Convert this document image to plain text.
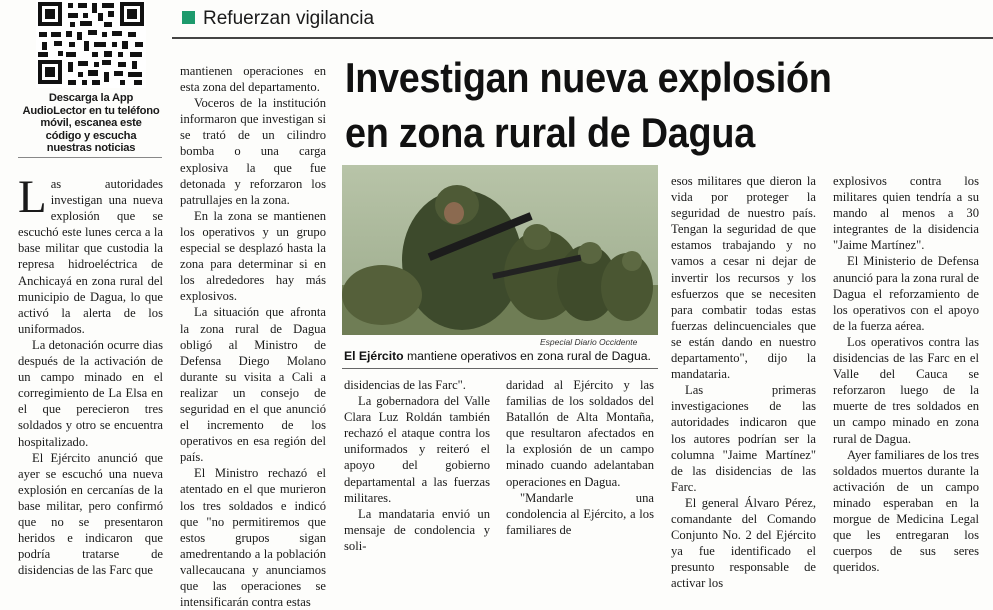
Descarga la App AudioLector en tu teléfono móvil, escanea este código y escucha nuestras noticias
Refuerzan vigilancia
Investigan nueva explosión
en zona rural de Dagua
Especial Diario Occidente
El Ejército mantiene operativos en zona rural de Dagua.

Las autoridades investigan una nueva explosión que se escuchó este lunes cerca a la base militar que custodia la represa hidroeléctrica de Anchicayá en zona rural del municipio de Dagua, lo que activó la alerta de los uniformados.

La detonación ocurre dias después de la activación de un campo minado en el corregimiento de La Elsa en el que perecieron tres soldados y otro se encuentra hospitalizado.

El Ejército anunció que ayer se escuchó una nueva explosión en cercanías de la base militar, pero confirmó que no se presentaron heridos e indicaron que podría tratarse de disidencias de las Farc que

mantienen operaciones en esta zona del departamento.

Voceros de la institución informaron que investigan si se trató de un cilindro bomba o una carga explosiva la que fue detonada y reforzaron los patrullajes en la zona.

En la zona se mantienen los operativos y un grupo especial se desplazó hasta la zona para determinar si en los alrededores hay más explosivos.

La situación que afronta la zona rural de Dagua obligó al Ministro de Defensa Diego Molano durante su visita a Cali a realizar un consejo de seguridad en el que anunció el incremento de los operativos en esa región del país.

El Ministro rechazó el atentado en el que murieron los tres soldados e indicó que "no permitiremos que estos grupos sigan amedrentando a la población vallecaucana y anunciamos que las operaciones se intensificarán contra estas

disidencias de las Farc".

La gobernadora del Valle Clara Luz Roldán también rechazó el ataque contra los uniformados y reiteró el apoyo del gobierno departamental a las fuerzas militares.

La mandataria envió un mensaje de condolencia y soli-

daridad al Ejército y las familias de los soldados del Batallón de Alta Montaña, que resultaron afectados en la explosión de un campo minado cuando adelantaban operaciones en Dagua.

"Mandarle una condolencia al Ejército, a los familiares de

esos militares que dieron la vida por proteger la seguridad de nuestro país. Tengan la seguridad de que estamos trabajando y no vamos a cesar ni dejar de invertir los recursos y los esfuerzos que se necesiten para combatir todas estas fuerzas delincuenciales que se están dando en nuestro departamento", dijo la mandataria.

Las primeras investigaciones de las autoridades indicaron que los autores podrían ser la columna "Jaime Martínez" de las disidencias de las Farc.

El general Álvaro Pérez, comandante del Comando Conjunto No. 2 del Ejército ya fue identificado el presunto responsable de activar los

explosivos contra los militares quien tendría a su mando al menos a 30 integrantes de la disidencia "Jaime Martínez".

El Ministerio de Defensa anunció para la zona rural de Dagua el reforzamiento de los operativos con el apoyo de la fuerza aérea.

Los operativos contra las disidencias de las Farc en el Valle del Cauca se reforzaron luego de la muerte de tres soldados en un campo minado en zona rural de Dagua.

Ayer familiares de los tres soldados muertos durante la activación de un campo minado esperaban en la morgue de Medicina Legal que les entregaran los cuerpos de sus seres queridos.
